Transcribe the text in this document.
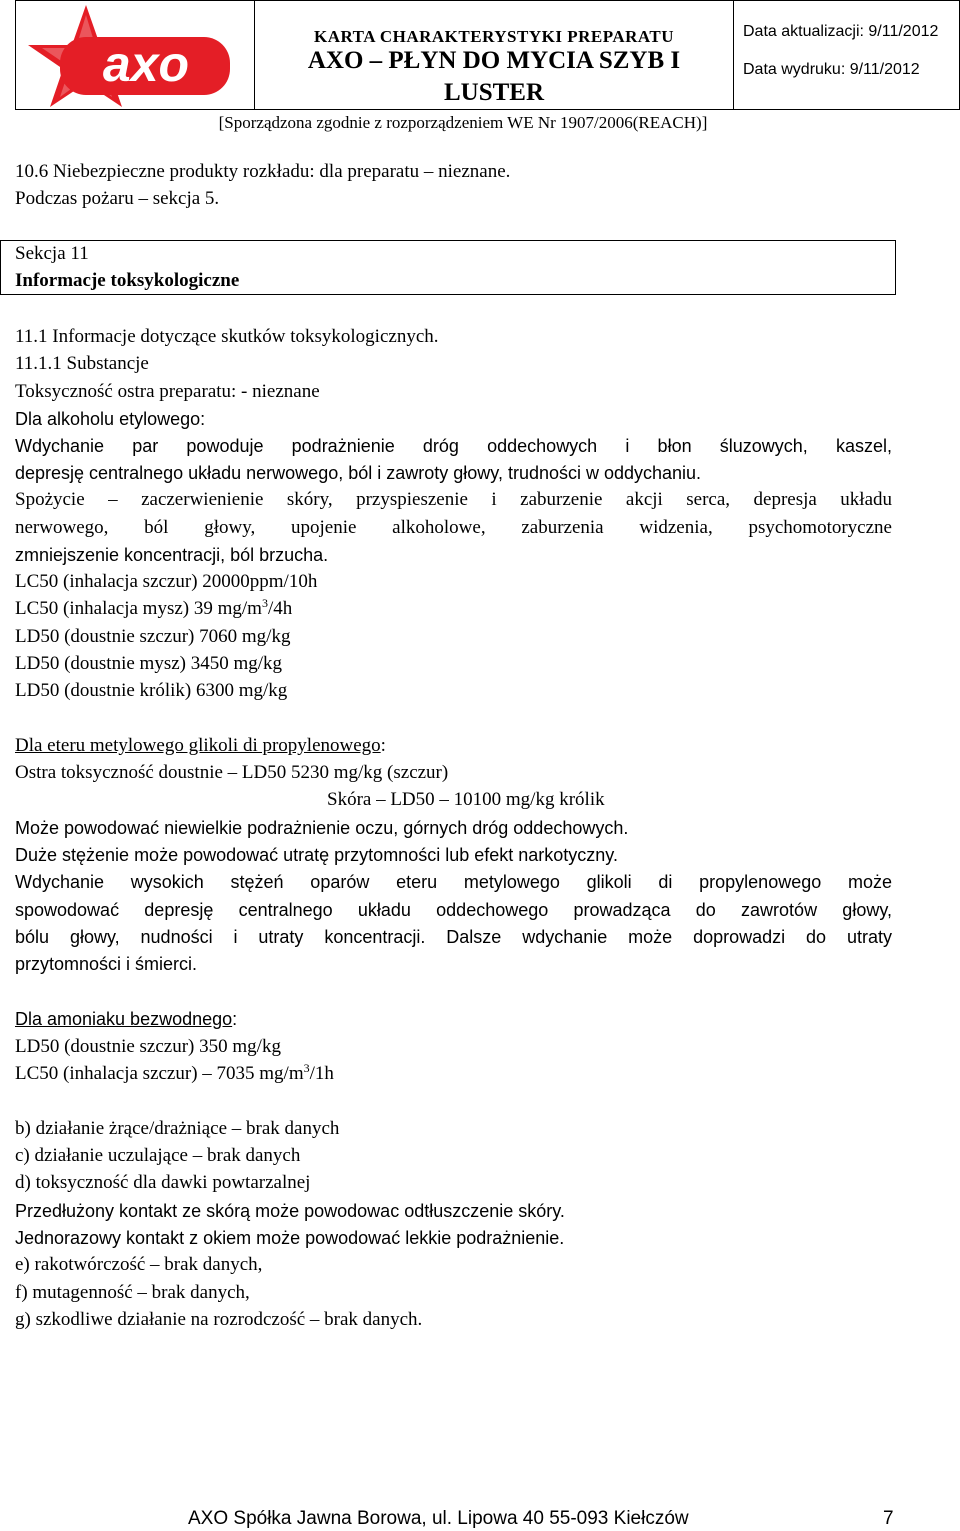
axo	KARTA CHARAKTERYSTYKI PREPARATU
AXO – PŁYN DO MYCIA SZYB I LUSTER
Data aktualizacji: 9/11/2012
Data wydruku: 9/11/2012
[Sporządzona zgodnie z rozporządzeniem WE Nr 1907/2006(REACH)]
10.6 Niebezpieczne produkty rozkładu: dla preparatu – nieznane.
Podczas pożaru – sekcja 5.
Sekcja 11
Informacje toksykologiczne
11.1 Informacje dotyczące skutków toksykologicznych.
11.1.1 Substancje
Toksyczność ostra preparatu: - nieznane
Dla alkoholu etylowego:
Wdychanie par powoduje podrażnienie dróg oddechowych i błon śluzowych, kaszel,
depresję centralnego układu nerwowego, ból i zawroty głowy, trudności w oddychaniu.
Spożycie – zaczerwienienie skóry, przyspieszenie i zaburzenie akcji serca, depresja układu
nerwowego, ból głowy, upojenie alkoholowe, zaburzenia widzenia, psychomotoryczne
zmniejszenie koncentracji, ból brzucha.
LC50 (inhalacja szczur) 20000ppm/10h
LC50 (inhalacja mysz) 39 $mg/m^3/4h$
LD50 (doustnie szczur) 7060 mg/kg
LD50 (doustnie mysz) 3450 mg/kg
LD50 (doustnie królik) 6300 mg/kg
Dla eteru metylowego glikoli di propylenowego:
Ostra toksyczność doustnie – LD50 5230 mg/kg (szczur)
Skóra – LD50 – 10100 mg/kg królik
Może powodować niewielkie podrażnienie oczu, górnych dróg oddechowych.
Duże stężenie może powodować utratę przytomności lub efekt narkotyczny.
Wdychanie wysokich stężeń oparów eteru metylowego glikoli di propylenowego może
spowodować depresję centralnego układu oddechowego prowadząca do zawrotów głowy,
bólu głowy, nudności i utraty koncentracji. Dalsze wdychanie może doprowadzi do utraty
przytomności i śmierci.
Dla amoniaku bezwodnego:
LD50 (doustnie szczur) 350 mg/kg
LC50 (inhalacja szczur) – 7035 $mg/m^3/1h$
b) działanie żrące/drażniące – brak danych
c) działanie uczulające – brak danych
d) toksyczność dla dawki powtarzalnej
Przedłużony kontakt ze skórą może powodowac odtłuszczenie skóry.
Jednorazowy kontakt z okiem może powodować lekkie podrażnienie.
e) rakotwórczość – brak danych,
f) mutagenność – brak danych,
g) szkodliwe działanie na rozrodczość – brak danych.
AXO Spółka Jawna Borowa, ul. Lipowa 40 55-093 Kiełczów	7
